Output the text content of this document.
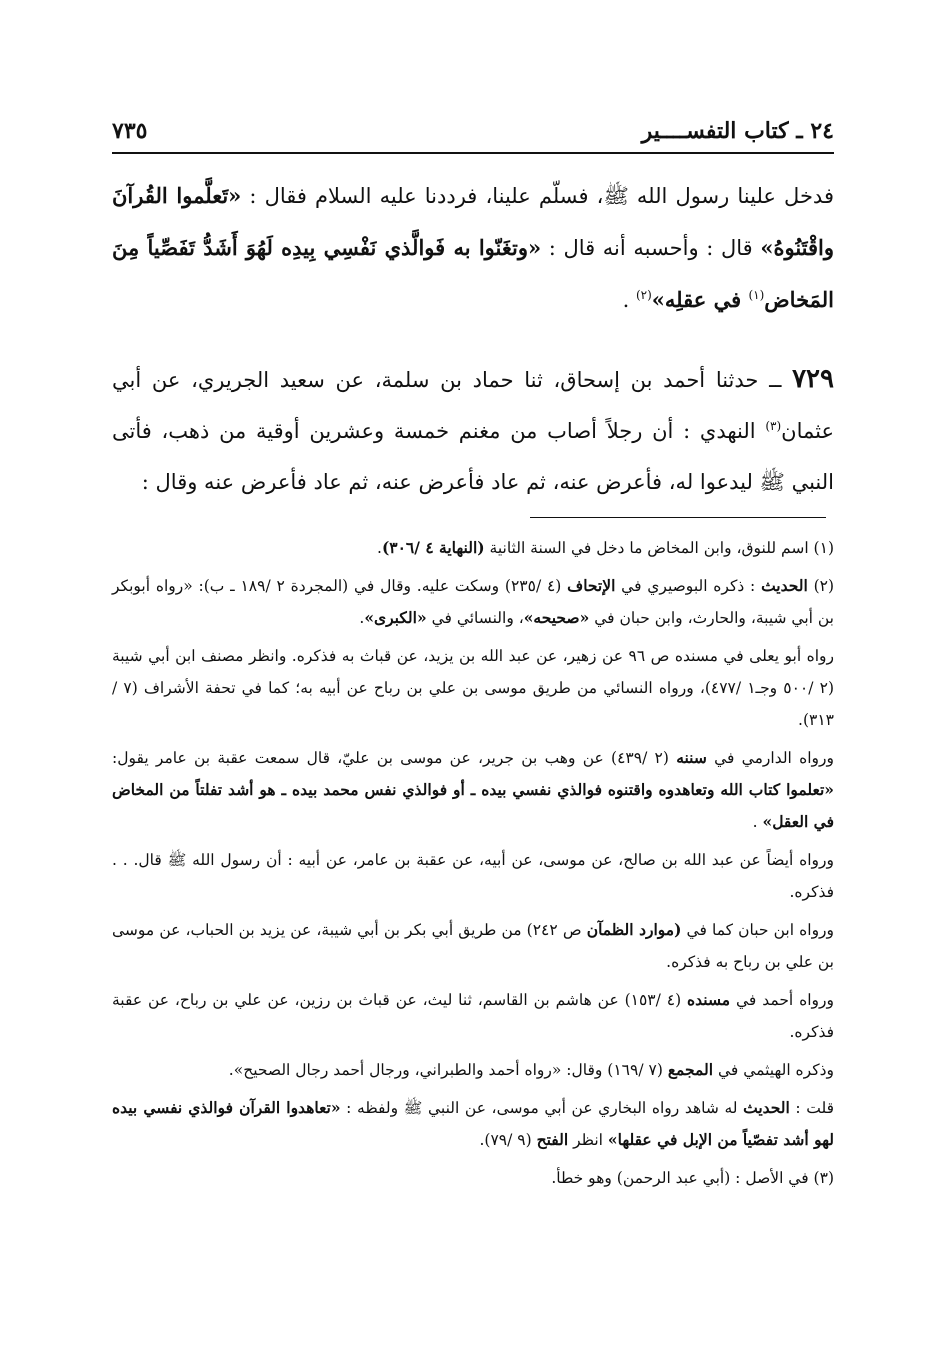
٧٣٥	٢٤ ـ كتاب التفســــير

فدخل علينا رسول الله ﷺ، فسلّم علينا، فرددنا عليه السلام فقال : «تَعلَّموا القُرآنَ واقْتَنُوهُ» قال : وأحسبه أنه قال : «وتغَنّوا به فَوالَّذي نَفْسِي بِيدِه لَهُوَ أَشَدُّ تَفَصِّياً مِنَ المَخاض$^{(١)}$ في عقلِه»$^{(٢)}$ .

٧٢٩ ــ حدثنا أحمد بن إسحاق، ثنا حماد بن سلمة، عن سعيد الجريري، عن أبي عثمان$^{(٣)}$ النهدي : أن رجلاً أصاب من مغنم خمسة وعشرين أوقية من ذهب، فأتى النبي ﷺ ليدعوا له، فأعرض عنه، ثم عاد فأعرض عنه، ثم عاد فأعرض عنه وقال :

(١) اسم للنوق، وابن المخاض ما دخل في السنة الثانية (النهاية ٤ /٣٠٦).

(٢) الحديث : ذكره البوصيري في الإتحاف (٤ /٢٣٥) وسكت عليه. وقال في (المجردة ٢ /١٨٩ ـ ب): «رواه أبوبكر بن أبي شيبة، والحارث، وابن حبان في «صحيحه»، والنسائي في «الكبرى».

رواه أبو يعلى في مسنده ص ٩٦ عن زهير، عن عبد الله بن يزيد، عن قباث به فذكره. وانظر مصنف ابن أبي شيبة (٢ /٥٠٠ وجـ١ /٤٧٧)، ورواه النسائي من طريق موسى بن علي بن رباح عن أبيه به؛ كما في تحفة الأشراف (٧ /٣١٣).

ورواه الدارمي في سننه (٢ /٤٣٩) عن وهب بن جرير، عن موسى بن عليّ، قال سمعت عقبة بن عامر يقول: «تعلموا كتاب الله وتعاهدوه واقتنوه فوالذي نفسي بيده ـ أو فوالذي نفس محمد بيده ـ هو أشد تفلتاً من المخاض في العقل» .

ورواه أيضاً عن عبد الله بن صالح، عن موسى، عن أبيه، عن عقبة بن عامر، عن أبيه : أن رسول الله ﷺ قال. . . فذكره.

ورواه ابن حبان كما في (موارد الظمآن ص ٢٤٢) من طريق أبي بكر بن أبي شيبة، عن يزيد بن الحباب، عن موسى بن علي بن رباح به فذكره.

ورواه أحمد في مسنده (٤ /١٥٣) عن هاشم بن القاسم، ثنا ليث، عن قباث بن رزين، عن علي بن رباح، عن عقبة فذكره.

وذكره الهيثمي في المجمع (٧ /١٦٩) وقال: «رواه أحمد والطبراني، ورجال أحمد رجال الصحيح».

قلت : الحديث له شاهد رواه البخاري عن أبي موسى، عن النبي ﷺ ولفظه : «تعاهدوا القرآن فوالذي نفسي بيده لهو أشد تفصّياً من الإبل في عقلها» انظر الفتح (٩ /٧٩).

(٣) في الأصل : (أبي عبد الرحمن) وهو خطأ.
